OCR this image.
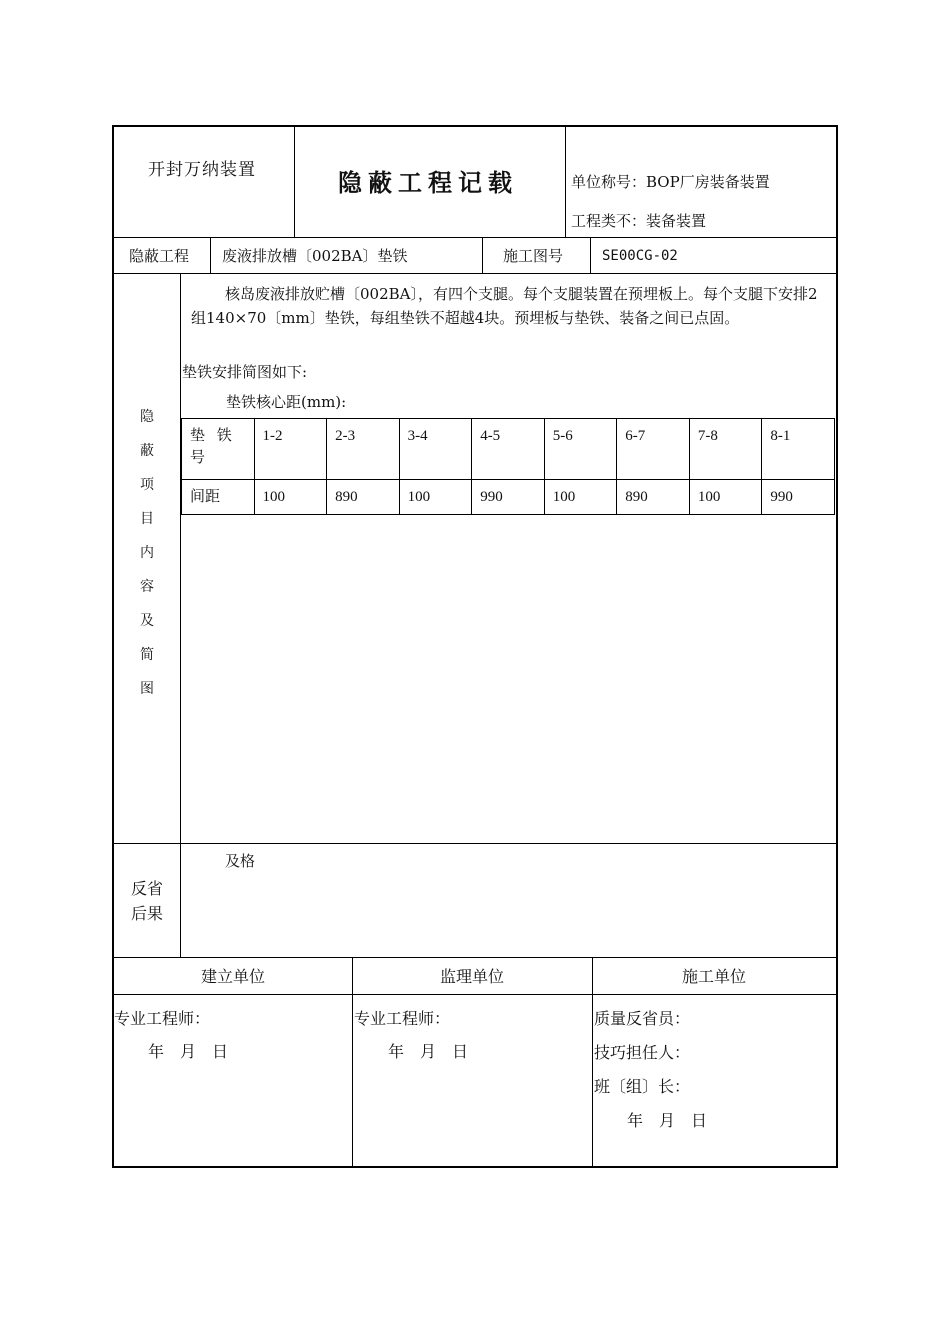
开封万纳装置	隐蔽工程记载	单位称号：BOP厂房装备装置
工程类不：装备装置
隐蔽工程 废液排放槽〔002BA〕垫铁	施工图号	SE00CG-02
隐
蔽
项
目
内
容
及
简
图
核岛废液排放贮槽〔002BA〕，有四个支腿。每个支腿装置在预埋板上。每个支腿下安排2组140×70〔mm〕垫铁，每组垫铁不超越4块。预埋板与垫铁、装备之间已点固。
垫铁安排简图如下:
垫铁核心距(mm):
垫 铁 号	1-2	2-3	3-4	4-5	5-6	6-7	7-8	8-1
间距	100	890	100	990	100	890	100	990
反省
后果
及格
建立单位	监理单位	施工单位
专业工程师：
年　月　日
专业工程师：
年　月　日
质量反省员：
技巧担任人：
班〔组〕长：
年　月　日
